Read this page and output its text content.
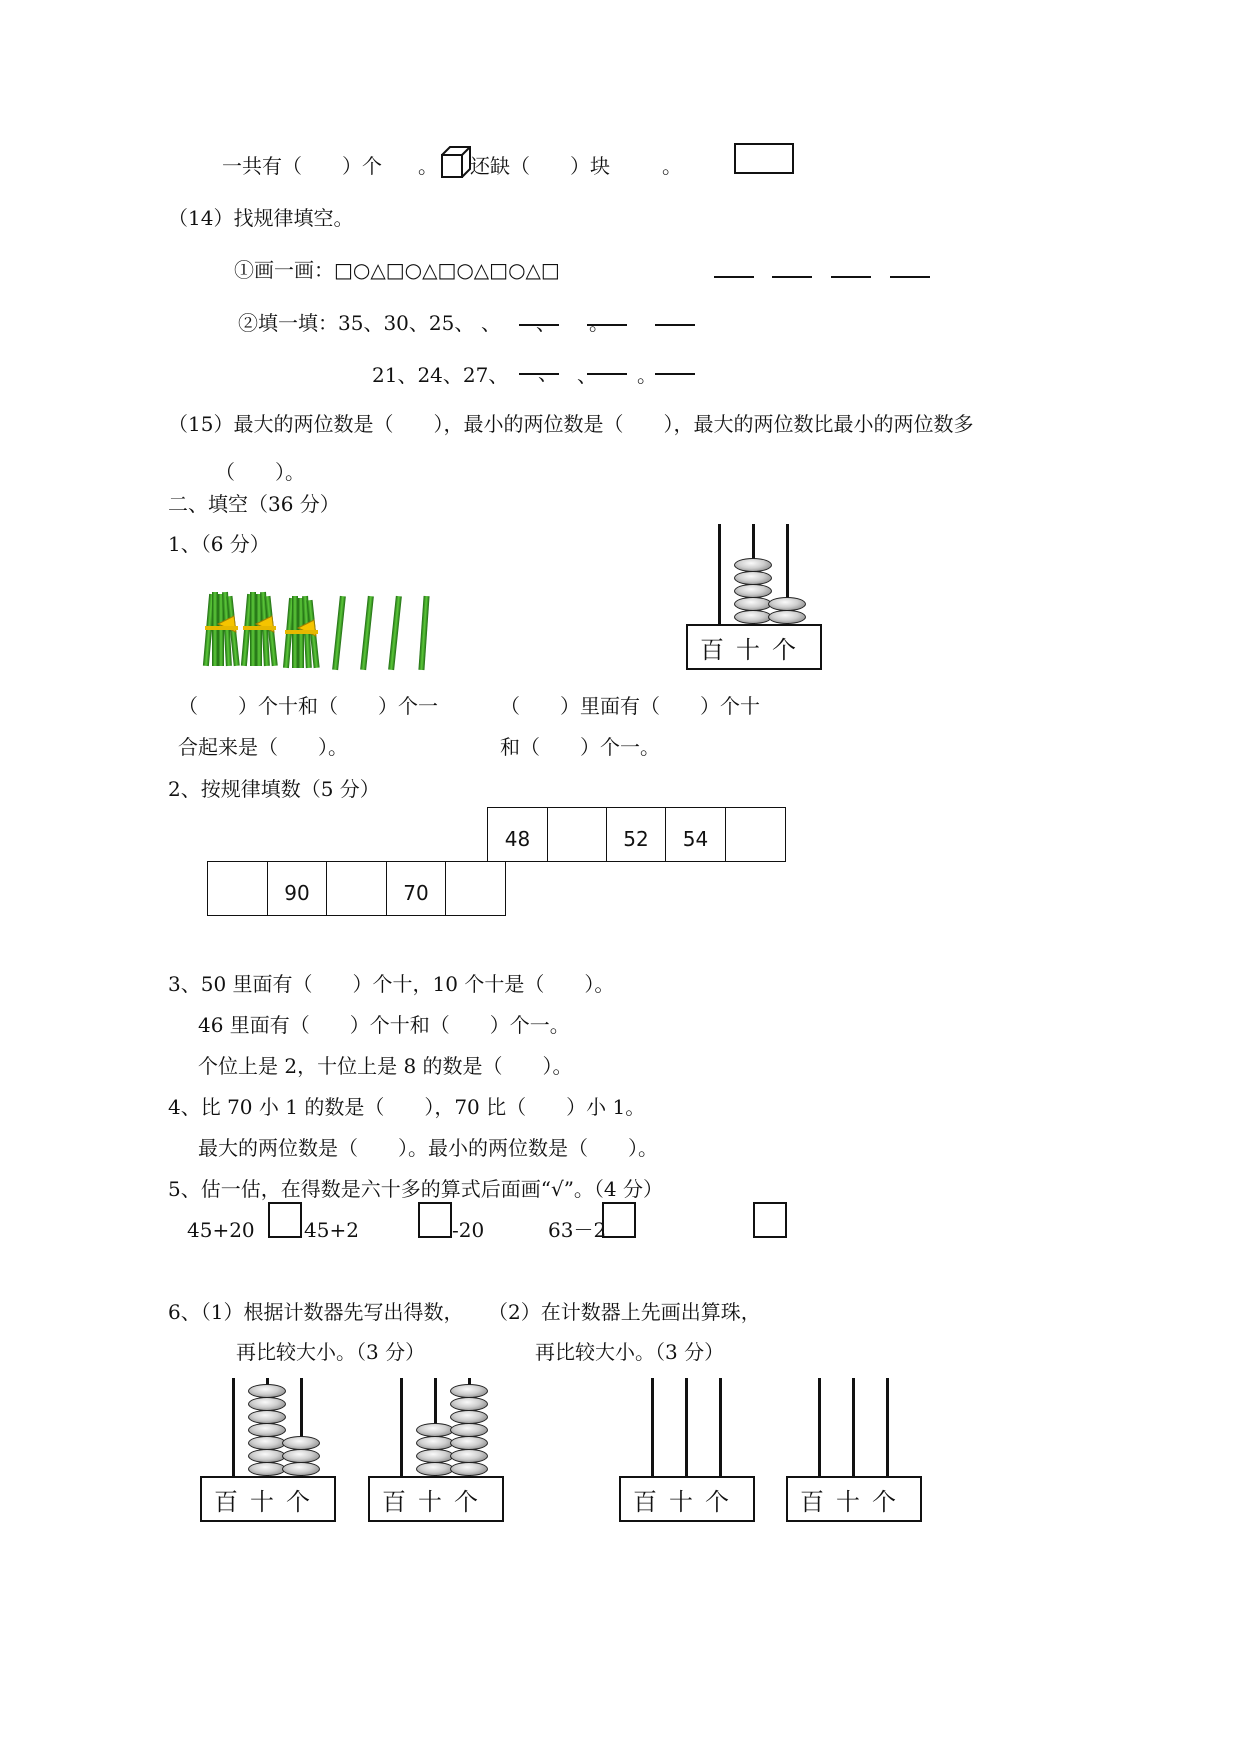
一共有（　　）个 。 还缺（　　）块	。
（14）找规律填空。
①画一画：□○△□○△□○△□○△□
②填一填：35、30、25、 、 、 。
21、24、27、 、 、 。
（15）最大的两位数是（　　），最小的两位数是（　　），最大的两位数比最小的两位数多
（　　）。
二、填空（36 分）
1、（6 分）
百十个
（　　）个十和（　　）个一
合起来是（　　）。
（　　）里面有（　　）个十
和（　　）个一。
2、按规律填数（5 分）
48	52	54
90	70
3、50 里面有（　　）个十，10 个十是（　　）。
46 里面有（　　）个十和（　　）个一。
个位上是 2，十位上是 8 的数是（　　）。
4、比 70 小 1 的数是（　　），70 比（　　）小 1。
最大的两位数是（　　）。最小的两位数是（　　）。
5、估一估，在得数是六十多的算式后面画“√”。（4 分）
45+20 45+2	-20	63－2
6、（1）根据计数器先写出得数，
再比较大小。（3 分）
（2）在计数器上先画出算珠，
再比较大小。（3 分）
百十个	百十个	百十个	百十个
